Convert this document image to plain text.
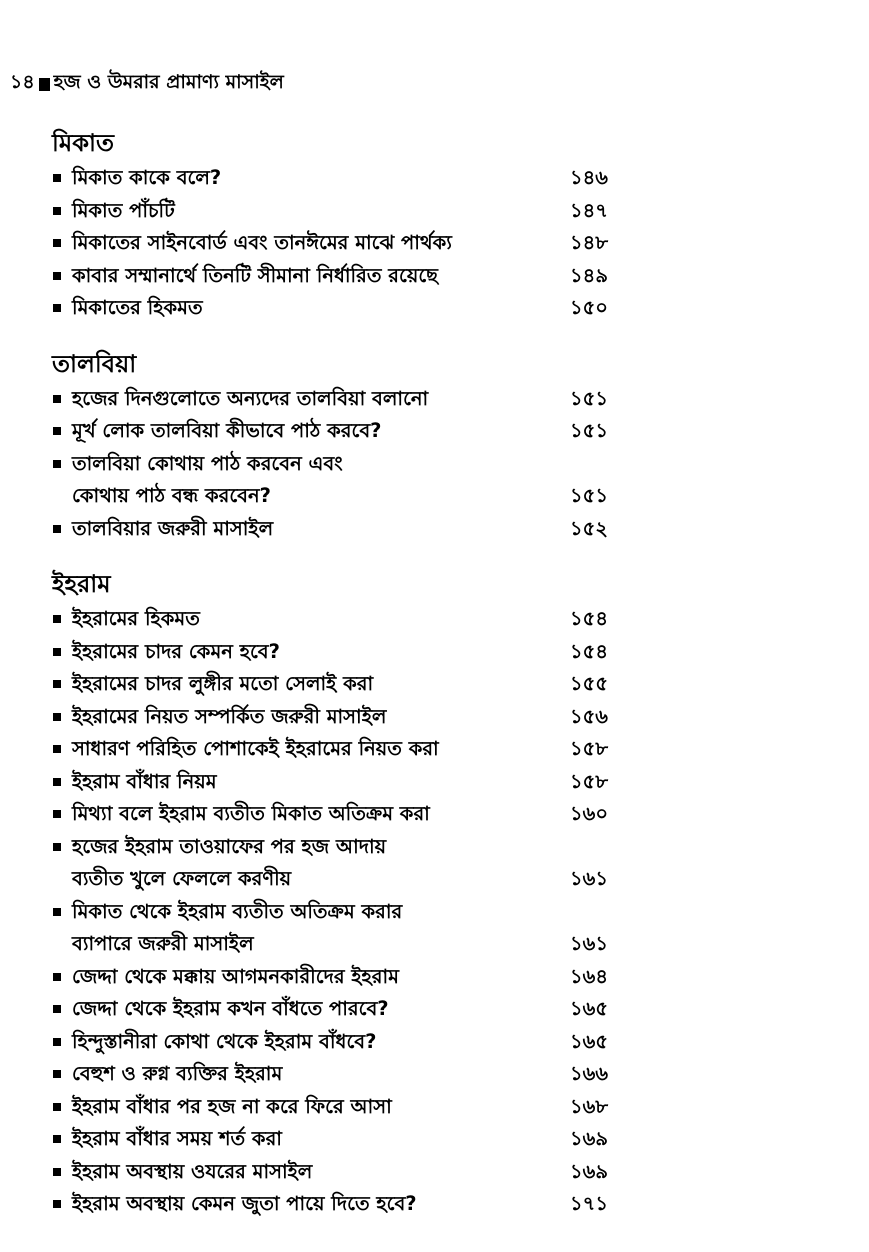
১৪ হজ ও উমরার প্রামাণ্য মাসাইল
মিকাত
মিকাত কাকে বলে?	১৪৬
মিকাত পাঁচটি	১৪৭
মিকাতের সাইনবোর্ড এবং তানঈমের মাঝে পার্থক্য	১৪৮
কাবার সম্মানার্থে তিনটি সীমানা নির্ধারিত রয়েছে	১৪৯
মিকাতের হিকমত	১৫০
তালবিয়া
হজের দিনগুলোতে অন্যদের তালবিয়া বলানো	১৫১
মূর্খ লোক তালবিয়া কীভাবে পাঠ করবে?	১৫১
তালবিয়া কোথায় পাঠ করবেন এবং
কোথায় পাঠ বন্ধ করবেন?	১৫১
তালবিয়ার জরুরী মাসাইল	১৫২
ইহরাম
ইহরামের হিকমত	১৫৪
ইহরামের চাদর কেমন হবে?	১৫৪
ইহরামের চাদর লুঙ্গীর মতো সেলাই করা	১৫৫
ইহরামের নিয়ত সম্পর্কিত জরুরী মাসাইল	১৫৬
সাধারণ পরিহিত পোশাকেই ইহরামের নিয়ত করা	১৫৮
ইহরাম বাঁধার নিয়ম	১৫৮
মিথ্যা বলে ইহরাম ব্যতীত মিকাত অতিক্রম করা	১৬০
হজের ইহরাম তাওয়াফের পর হজ আদায়
ব্যতীত খুলে ফেললে করণীয়	১৬১
মিকাত থেকে ইহরাম ব্যতীত অতিক্রম করার
ব্যাপারে জরুরী মাসাইল	১৬১
জেদ্দা থেকে মক্কায় আগমনকারীদের ইহরাম	১৬৪
জেদ্দা থেকে ইহরাম কখন বাঁধতে পারবে?	১৬৫
হিন্দুস্তানীরা কোথা থেকে ইহরাম বাঁধবে?	১৬৫
বেহুশ ও রুগ্ন ব্যক্তির ইহরাম	১৬৬
ইহরাম বাঁধার পর হজ না করে ফিরে আসা	১৬৮
ইহরাম বাঁধার সময় শর্ত করা	১৬৯
ইহরাম অবস্থায় ওযরের মাসাইল	১৬৯
ইহরাম অবস্থায় কেমন জুতা পায়ে দিতে হবে?	১৭১
